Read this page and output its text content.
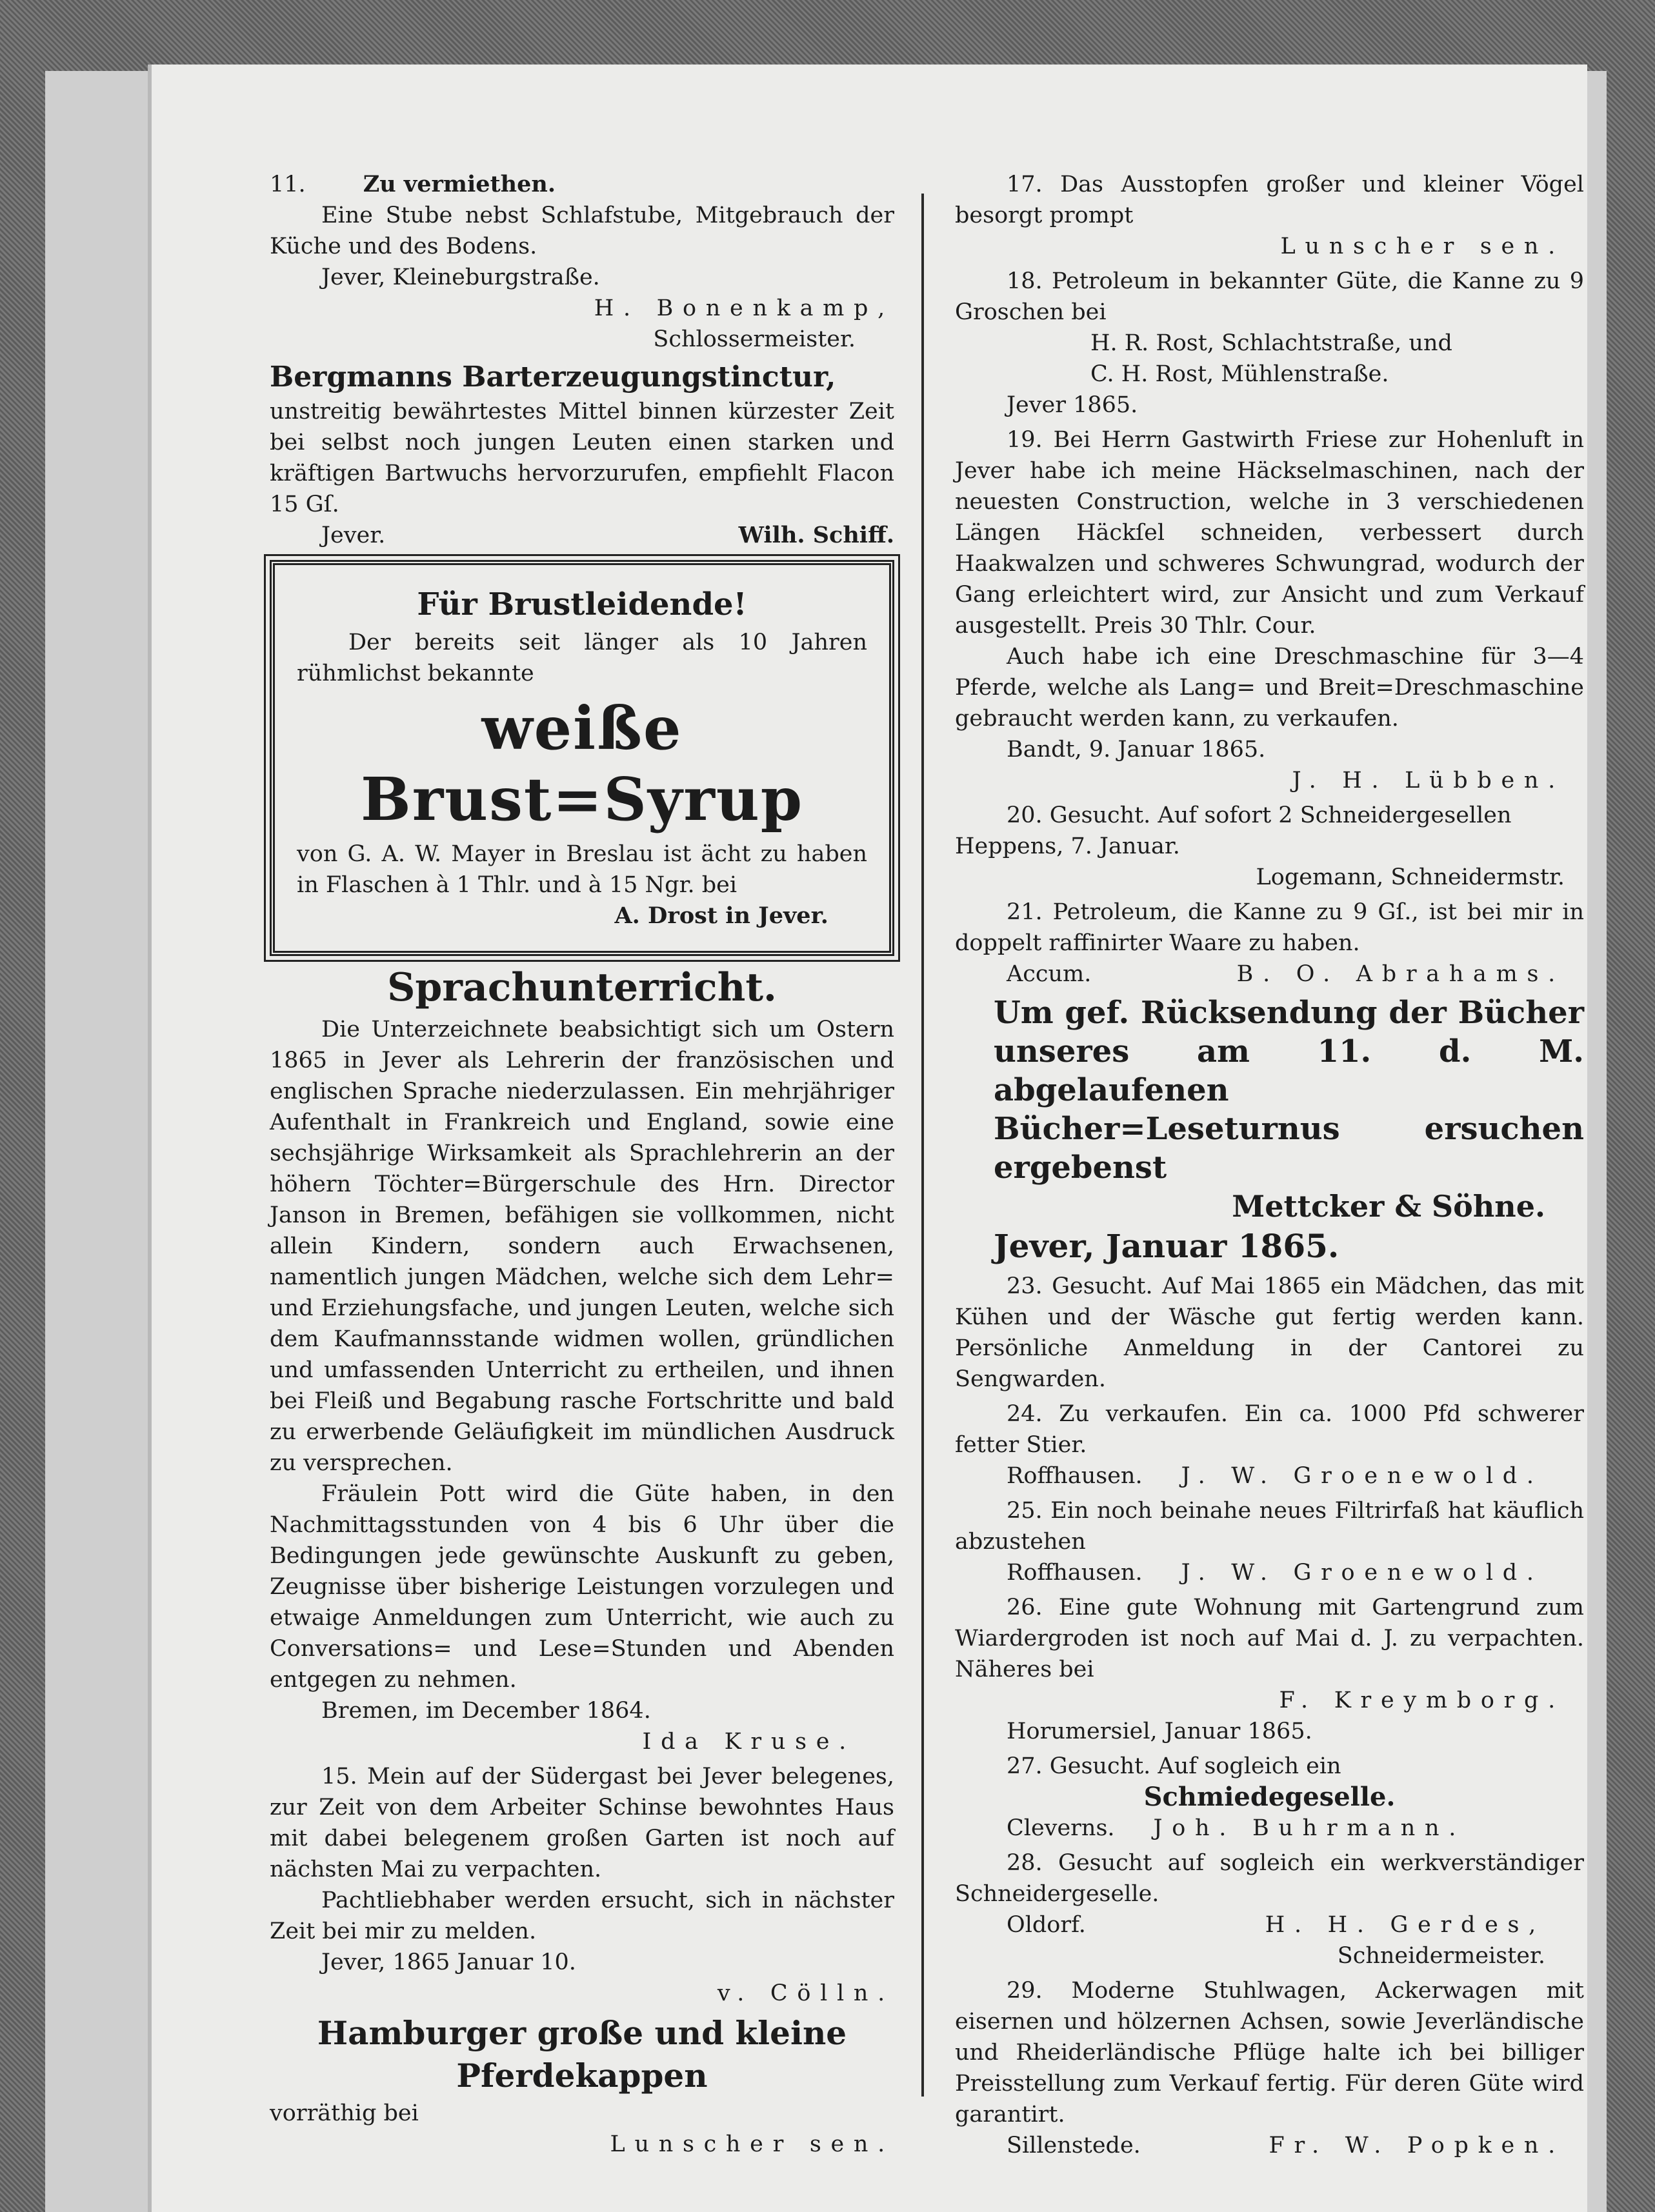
11.	Zu vermiethen.

Eine Stube nebst Schlafstube, Mitgebrauch der Küche und des Bodens.

Jever, Kleineburgstraße.

H. Bonenkamp,

Schlossermeister.

Bergmanns Barterzeugungstinctur,

unstreitig bewährtestes Mittel binnen kürzester Zeit bei selbst noch jungen Leuten einen starken und kräftigen Bartwuchs hervorzurufen, empfiehlt Flacon 15 Gſ.

Jever.	Wilh. Schiff.

Für Brustleidende!

Der bereits seit länger als 10 Jahren rühmlichst bekannte

weiße Brust=Syrup

von G. A. W. Mayer in Breslau ist ächt zu haben in Flaschen à 1 Thlr. und à 15 Ngr. bei

A. Drost in Jever.

Sprachunterricht.

Die Unterzeichnete beabsichtigt sich um Ostern 1865 in Jever als Lehrerin der französischen und englischen Sprache niederzulassen. Ein mehrjähriger Aufenthalt in Frankreich und England, sowie eine sechsjährige Wirksamkeit als Sprachlehrerin an der höhern Töchter=Bürgerschule des Hrn. Director Janson in Bremen, befähigen sie vollkommen, nicht allein Kindern, sondern auch Erwachsenen, namentlich jungen Mädchen, welche sich dem Lehr= und Erziehungsfache, und jungen Leuten, welche sich dem Kaufmannsstande widmen wollen, gründlichen und umfassenden Unterricht zu ertheilen, und ihnen bei Fleiß und Begabung rasche Fortschritte und bald zu erwerbende Geläufigkeit im mündlichen Ausdruck zu versprechen.

Fräulein Pott wird die Güte haben, in den Nachmittagsstunden von 4 bis 6 Uhr über die Bedingungen jede gewünschte Auskunft zu geben, Zeugnisse über bisherige Leistungen vorzulegen und etwaige Anmeldungen zum Unterricht, wie auch zu Conversations= und Lese=Stunden und Abenden entgegen zu nehmen.

Bremen, im December 1864.

Ida Kruse.

15. Mein auf der Südergast bei Jever belegenes, zur Zeit von dem Arbeiter Schinse bewohntes Haus mit dabei belegenem großen Garten ist noch auf nächsten Mai zu verpachten.

Pachtliebhaber werden ersucht, sich in nächster Zeit bei mir zu melden.

Jever, 1865 Januar 10.

v. Cölln.

Hamburger große und kleine

Pferdekappen

vorräthig bei

Lunscher sen.

17. Das Ausstopfen großer und kleiner Vögel besorgt prompt

Lunscher sen.

18. Petroleum in bekannter Güte, die Kanne zu 9 Groschen bei

H. R. Rost, Schlachtstraße, und

C. H. Rost, Mühlenstraße.

Jever 1865.

19. Bei Herrn Gastwirth Friese zur Hohenluft in Jever habe ich meine Häckselmaschinen, nach der neuesten Construction, welche in 3 verschiedenen Längen Häckſel schneiden, verbessert durch Haakwalzen und schweres Schwungrad, wodurch der Gang erleichtert wird, zur Ansicht und zum Verkauf ausgestellt. Preis 30 Thlr. Cour.

Auch habe ich eine Dreschmaschine für 3—4 Pferde, welche als Lang= und Breit=Dreschmaschine gebraucht werden kann, zu verkaufen.

Bandt, 9. Januar 1865.

J. H. Lübben.

20. Gesucht. Auf sofort 2 Schneidergesellen

Heppens, 7. Januar.

Logemann, Schneidermstr.

21. Petroleum, die Kanne zu 9 Gſ., ist bei mir in doppelt raffinirter Waare zu haben.

Accum.	B. O. Abrahams.

Um gef. Rücksendung der Bücher unseres am 11. d. M. abgelaufenen Bücher=Leseturnus ersuchen ergebenst

Mettcker & Söhne.

Jever, Januar 1865.

23. Gesucht. Auf Mai 1865 ein Mädchen, das mit Kühen und der Wäsche gut fertig werden kann. Persönliche Anmeldung in der Cantorei zu Sengwarden.

24. Zu verkaufen. Ein ca. 1000 Pfd schwerer fetter Stier.

Roffhausen. J. W. Groenewold.

25. Ein noch beinahe neues Filtrirfaß hat käuflich abzustehen

Roffhausen. J. W. Groenewold.

26. Eine gute Wohnung mit Gartengrund zum Wiardergroden ist noch auf Mai d. J. zu verpachten. Näheres bei

F. Kreymborg.

Horumersiel, Januar 1865.

27. Gesucht. Auf sogleich ein

Schmiedegeselle.

Cleverns. Joh. Buhrmann.

28. Gesucht auf sogleich ein werkverständiger Schneidergeselle.

Oldorf.	H. H. Gerdes,

Schneidermeister.

29. Moderne Stuhlwagen, Ackerwagen mit eisernen und hölzernen Achsen, sowie Jeverländische und Rheiderländische Pflüge halte ich bei billiger Preisstellung zum Verkauf fertig. Für deren Güte wird garantirt.

Sillenstede.	Fr. W. Popken.
